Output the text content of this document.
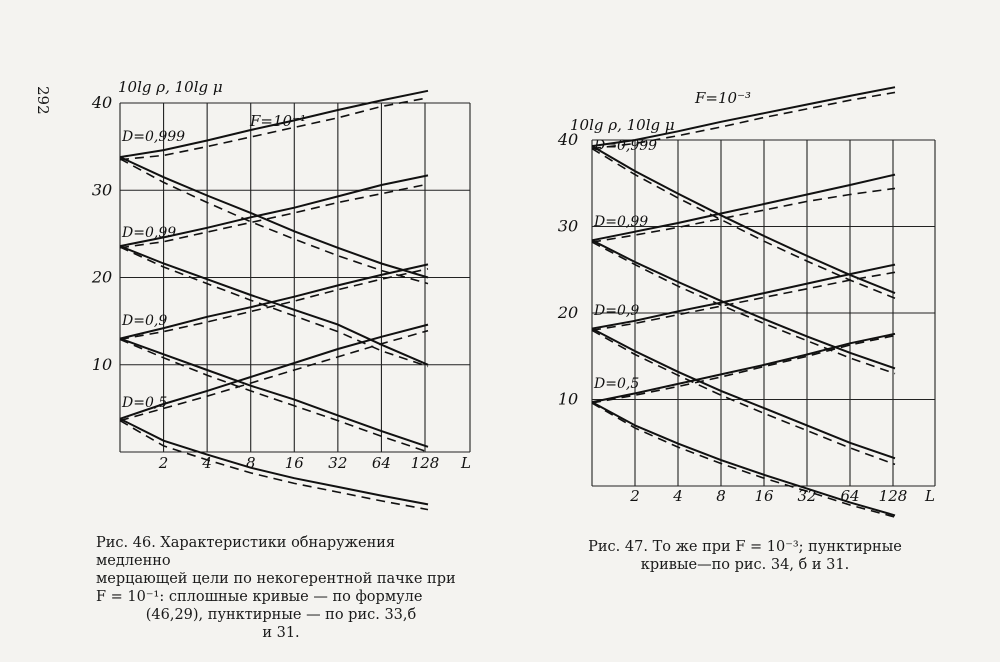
292
10
20
30
40
2 4 8 16 32 64 128 L
10lg ρ, 10lg μ
F=10⁻¹
D=0,999
D=0,99
D=0,9
D=0,5	10
20
30
40
2 4 8 16 32 64 128 L
10lg ρ, 10lg μ
F=10⁻³
D=0,999
D=0,99
D=0,9
D=0,5
Рис. 46. Характеристики обнаружения медленно
мерцающей цели по некогерентной пачке при
F = 10⁻¹: сплошные кривые — по формуле
(46,29), пунктирные — по рис. 33,б
и 31.
Рис. 47. То же при F = 10⁻³; пунктирные
кривые—по рис. 34, б и 31.
